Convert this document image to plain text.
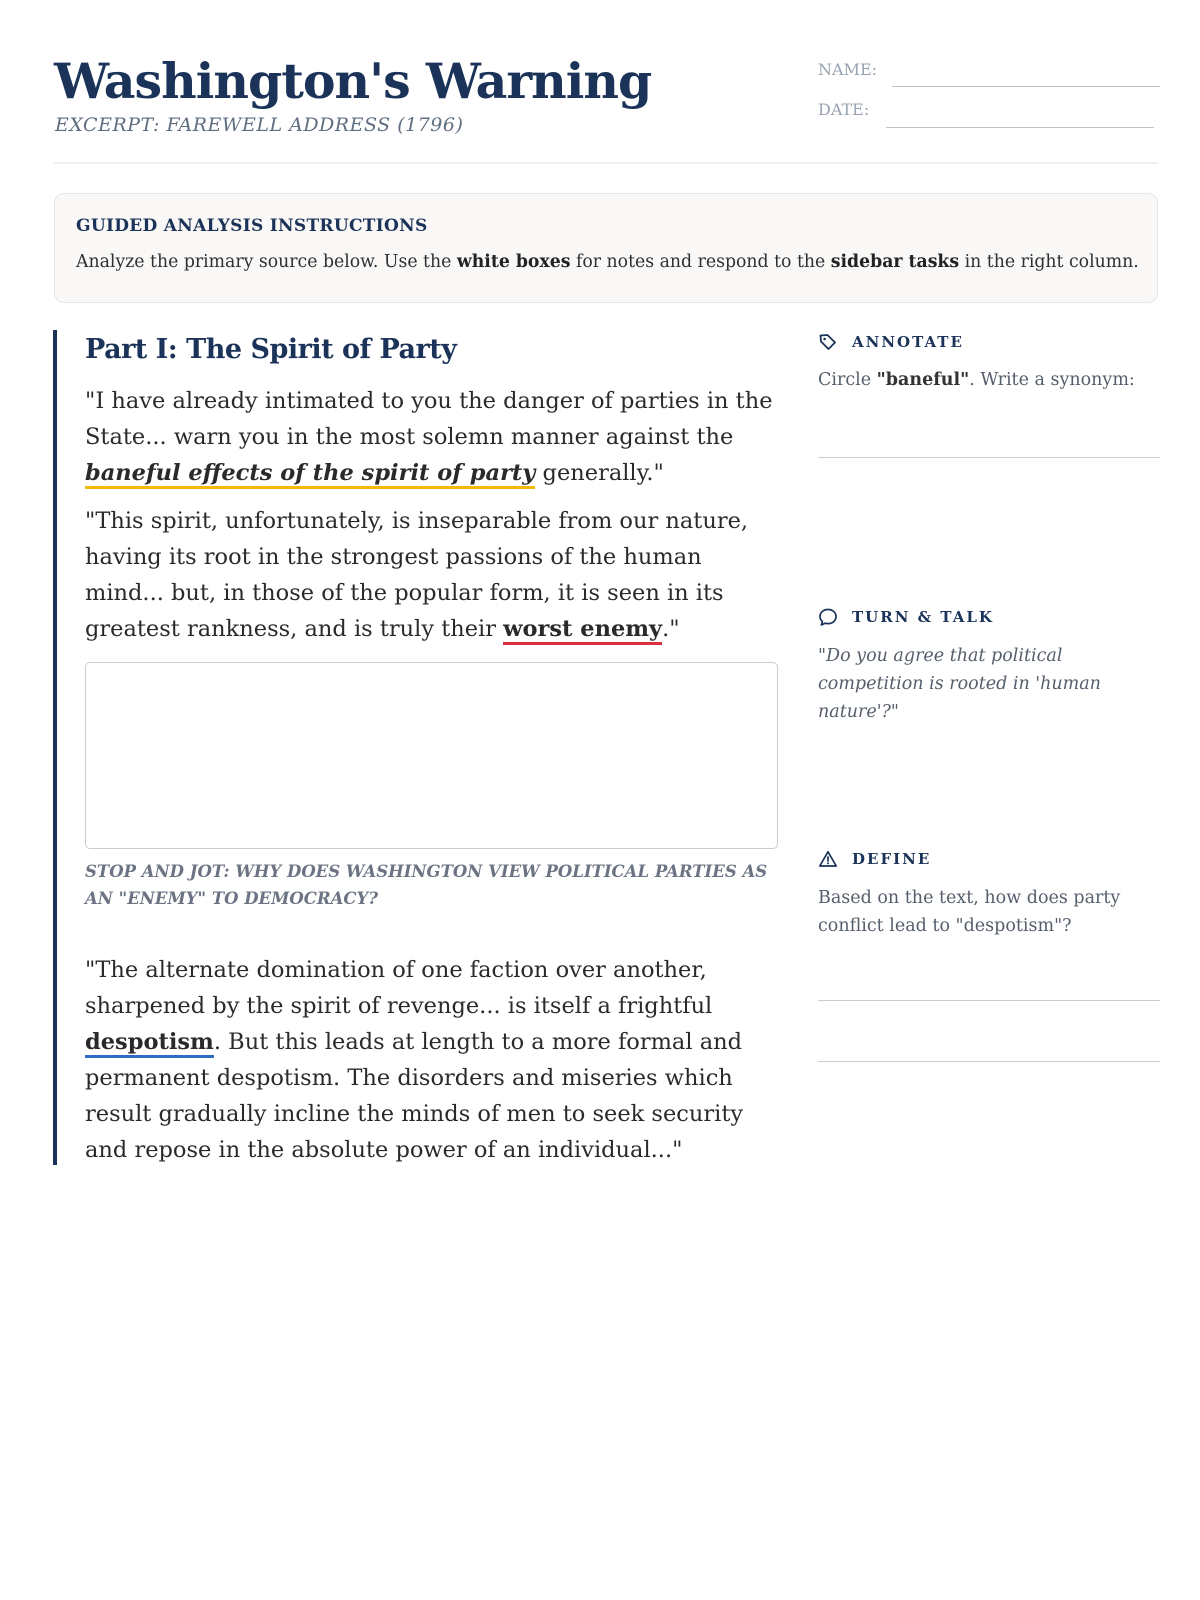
Washington's Warning
EXCERPT: FAREWELL ADDRESS (1796)
NAME:
DATE:
GUIDED ANALYSIS INSTRUCTIONS
Analyze the primary source below. Use the white boxes for notes and respond to the sidebar tasks in the right column.
Part I: The Spirit of Party
"I have already intimated to you the danger of parties in the State... warn you in the most solemn manner against the baneful effects of the spirit of party generally."
"This spirit, unfortunately, is inseparable from our nature, having its root in the strongest passions of the human mind... but, in those of the popular form, it is seen in its greatest rankness, and is truly their worst enemy."
STOP AND JOT: WHY DOES WASHINGTON VIEW POLITICAL PARTIES AS AN "ENEMY" TO DEMOCRACY?
"The alternate domination of one faction over another, sharpened by the spirit of revenge... is itself a frightful despotism. But this leads at length to a more formal and permanent despotism. The disorders and miseries which result gradually incline the minds of men to seek security and repose in the absolute power of an individual..."
ANNOTATE
Circle "baneful". Write a synonym:
TURN & TALK
"Do you agree that political competition is rooted in 'human nature'?"
DEFINE
Based on the text, how does party conflict lead to "despotism"?
